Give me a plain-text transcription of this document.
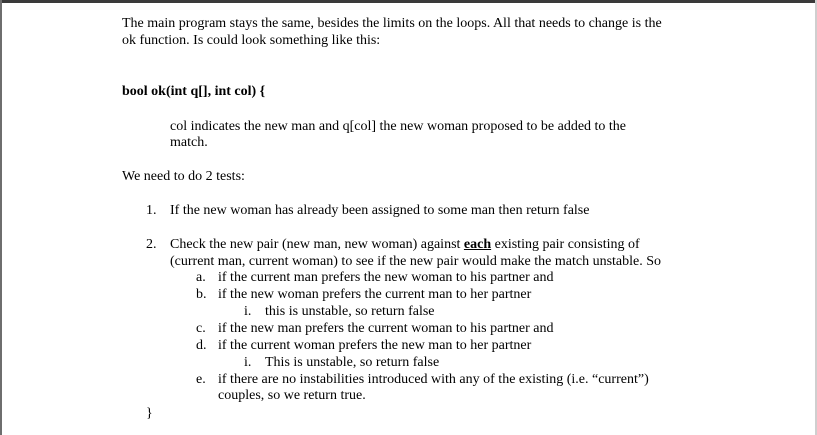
The main program stays the same, besides the limits on the loops. All that needs to change is the
ok function. Is could look something like this:
bool ok(int q[], int col) {
col indicates the new man and q[col] the new woman proposed to be added to the
match.
We need to do 2 tests:
1. If the new woman has already been assigned to some man then return false
2. Check the new pair (new man, new woman) against each existing pair consisting of
(current man, current woman) to see if the new pair would make the match unstable. So
a. if the current man prefers the new woman to his partner and
b. if the new woman prefers the current man to her partner
i. this is unstable, so return false
c. if the new man prefers the current woman to his partner and
d. if the current woman prefers the new man to her partner
i. This is unstable, so return false
e. if there are no instabilities introduced with any of the existing (i.e. “current”)
couples, so we return true.
}
